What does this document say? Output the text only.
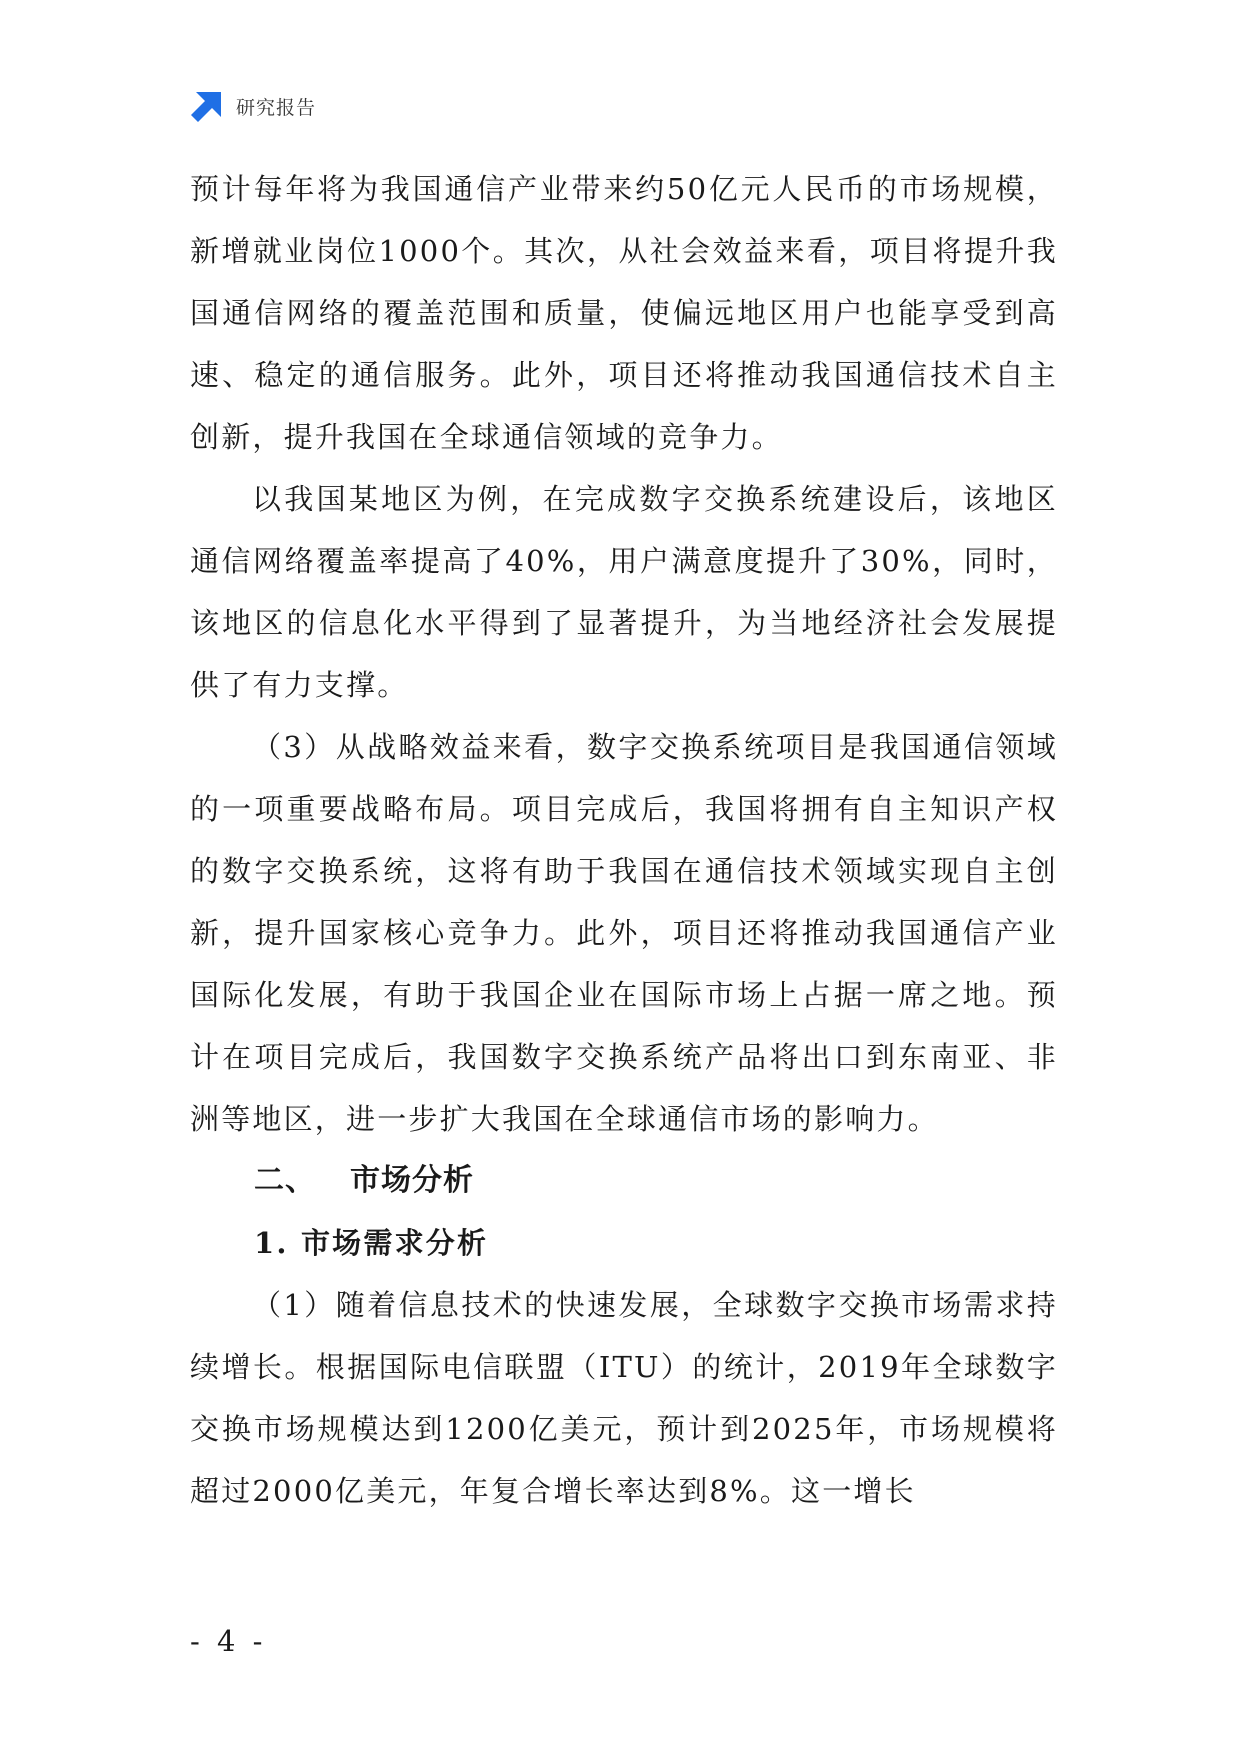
研究报告

预计每年将为我国通信产业带来约50亿元人民币的市场规模，新增就业岗位1000个。其次，从社会效益来看，项目将提升我国通信网络的覆盖范围和质量，使偏远地区用户也能享受到高速、稳定的通信服务。此外，项目还将推动我国通信技术自主创新，提升我国在全球通信领域的竞争力。

以我国某地区为例，在完成数字交换系统建设后，该地区通信网络覆盖率提高了40%，用户满意度提升了30%，同时，该地区的信息化水平得到了显著提升，为当地经济社会发展提供了有力支撑。

（3）从战略效益来看，数字交换系统项目是我国通信领域的一项重要战略布局。项目完成后，我国将拥有自主知识产权的数字交换系统，这将有助于我国在通信技术领域实现自主创新，提升国家核心竞争力。此外，项目还将推动我国通信产业国际化发展，有助于我国企业在国际市场上占据一席之地。预计在项目完成后，我国数字交换系统产品将出口到东南亚、非洲等地区，进一步扩大我国在全球通信市场的影响力。

二、 市场分析
1. 市场需求分析

（1）随着信息技术的快速发展，全球数字交换市场需求持续增长。根据国际电信联盟（ITU）的统计，2019年全球数字交换市场规模达到1200亿美元，预计到2025年，市场规模将超过2000亿美元，年复合增长率达到8%。这一增长

- 4 -
